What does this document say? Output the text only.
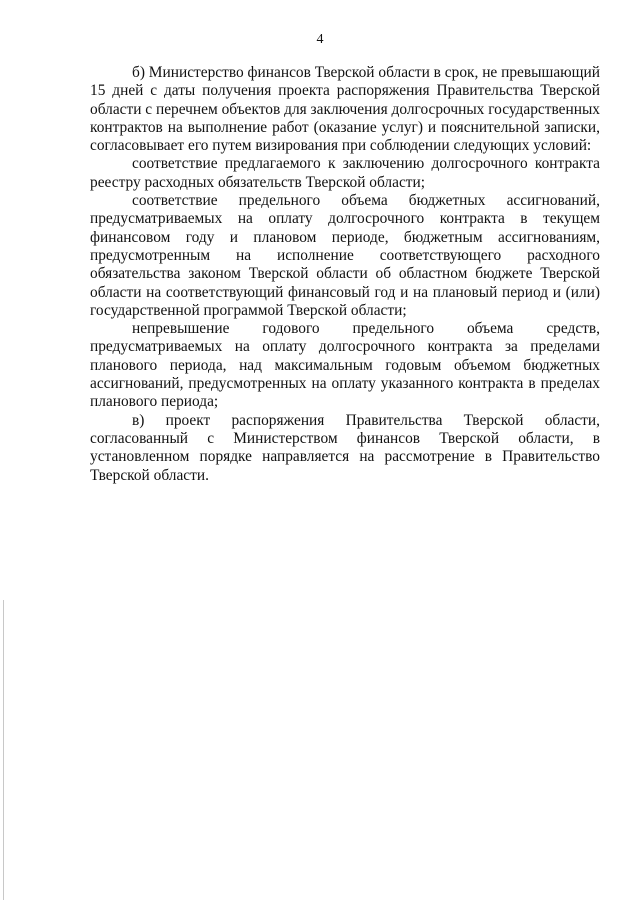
4

б) Министерство финансов Тверской области в срок, не превышающий 15 дней с даты получения проекта распоряжения Правительства Тверской области с перечнем объектов для заключения долгосрочных государственных контрактов на выполнение работ (оказание услуг) и пояснительной записки, согласовывает его путем визирования при соблюдении следующих условий:

соответствие предлагаемого к заключению долгосрочного контракта реестру расходных обязательств Тверской области;

соответствие предельного объема бюджетных ассигнований, предусматриваемых на оплату долгосрочного контракта в текущем финансовом году и плановом периоде, бюджетным ассигнованиям, предусмотренным на исполнение соответствующего расходного обязательства законом Тверской области об областном бюджете Тверской области на соответствующий финансовый год и на плановый период и (или) государственной программой Тверской области;

непревышение годового предельного объема средств, предусматриваемых на оплату долгосрочного контракта за пределами планового периода, над максимальным годовым объемом бюджетных ассигнований, предусмотренных на оплату указанного контракта в пределах планового периода;

в) проект распоряжения Правительства Тверской области, согласованный с Министерством финансов Тверской области, в установленном порядке направляется на рассмотрение в Правительство Тверской области.
